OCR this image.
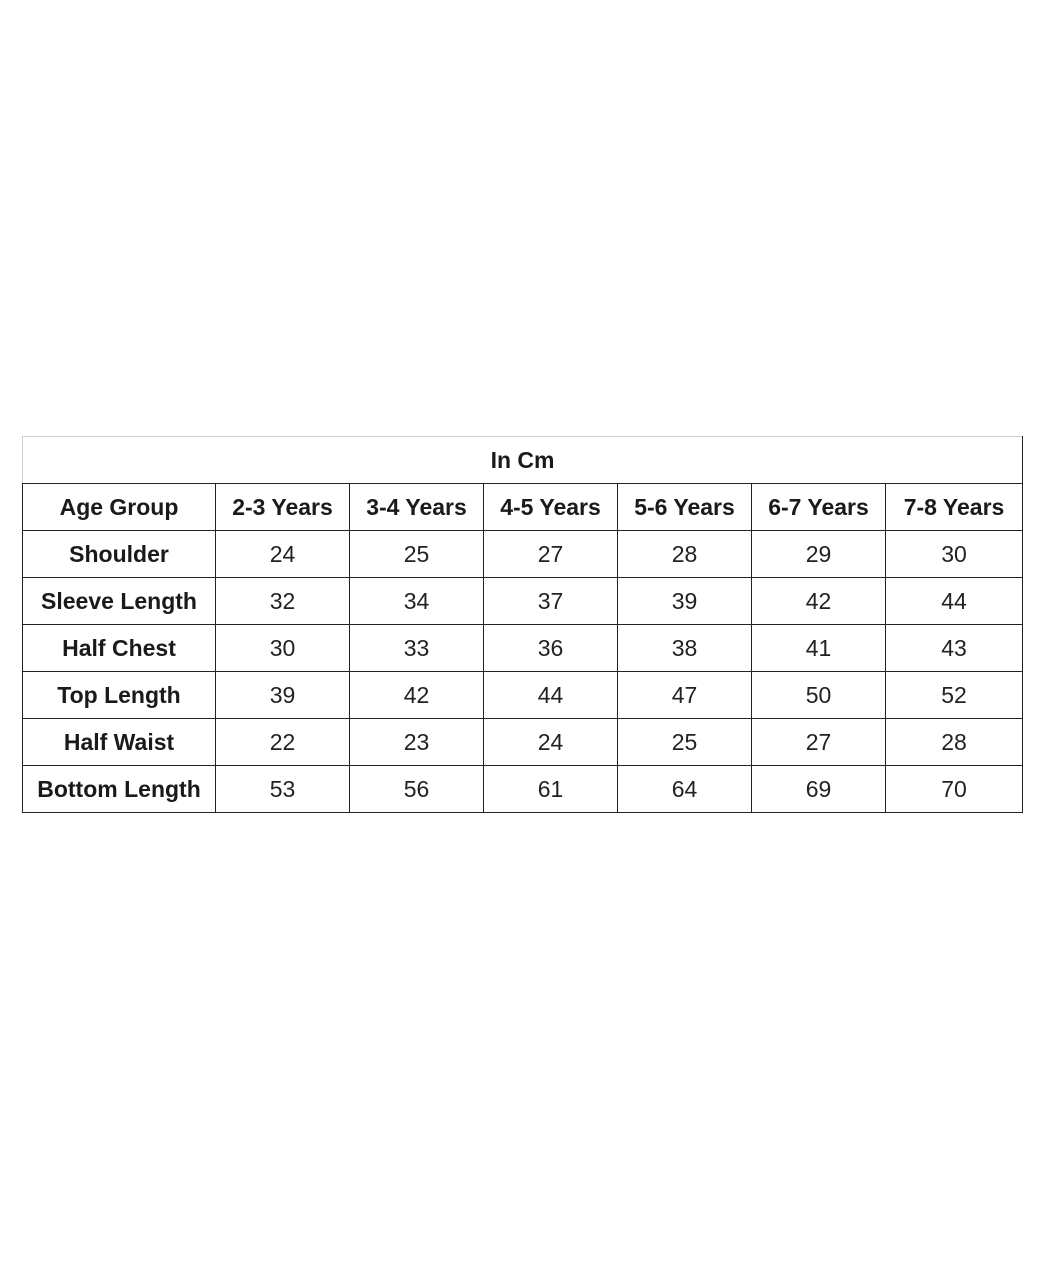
In Cm						
Age Group	2-3 Years	3-4 Years	4-5 Years	5-6 Years	6-7 Years	7-8 Years
Shoulder	24	25	27	28	29	30
Sleeve Length	32	34	37	39	42	44
Half Chest	30	33	36	38	41	43
Top Length	39	42	44	47	50	52
Half Waist	22	23	24	25	27	28
Bottom Length	53	56	61	64	69	70
